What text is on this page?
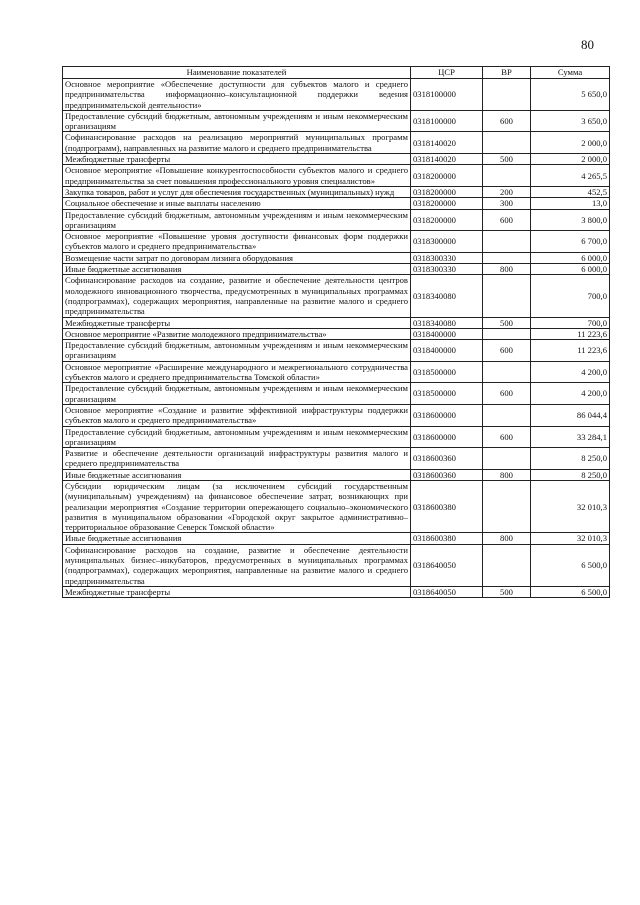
80
Наименование показателей	ЦСР	ВР	Сумма
Основное мероприятие «Обеспечение доступности для субъектов малого и среднего предпринимательства информационно–консультационной поддержки ведения предпринимательской деятельности»	0318100000		5 650,0
Предоставление субсидий бюджетным, автономным учреждениям и иным некоммерческим организациям	0318100000	600	3 650,0
Софинансирование расходов на реализацию мероприятий муниципальных программ (подпрограмм), направленных на развитие малого и среднего предпринимательства	0318140020		2 000,0
Межбюджетные трансферты	0318140020	500	2 000,0
Основное мероприятие «Повышение конкурентоспособности субъектов малого и среднего предпринимательства за счет повышения профессионального уровня специалистов»	0318200000		4 265,5
Закупка товаров, работ и услуг для обеспечения государственных (муниципальных) нужд	0318200000	200	452,5
Социальное обеспечение и иные выплаты населению	0318200000	300	13,0
Предоставление субсидий бюджетным, автономным учреждениям и иным некоммерческим организациям	0318200000	600	3 800,0
Основное мероприятие «Повышение уровня доступности финансовых форм поддержки субъектов малого и среднего предпринимательства»	0318300000		6 700,0
Возмещение части затрат по договорам лизинга оборудования	0318300330		6 000,0
Иные бюджетные ассигнования	0318300330	800	6 000,0
Софинансирование расходов на создание, развитие и обеспечение деятельности центров молодежного инновационного творчества, предусмотренных в муниципальных программах (подпрограммах), содержащих мероприятия, направленные на развитие малого и среднего предпринимательства	0318340080		700,0
Межбюджетные трансферты	0318340080	500	700,0
Основное мероприятие «Развитие молодежного предпринимательства»	0318400000		11 223,6
Предоставление субсидий бюджетным, автономным учреждениям и иным некоммерческим организациям	0318400000	600	11 223,6
Основное мероприятие «Расширение международного и межрегионального сотрудничества субъектов малого и среднего предпринимательства Томской области»	0318500000		4 200,0
Предоставление субсидий бюджетным, автономным учреждениям и иным некоммерческим организациям	0318500000	600	4 200,0
Основное мероприятие «Создание и развитие эффективной инфраструктуры поддержки субъектов малого и среднего предпринимательства»	0318600000		86 044,4
Предоставление субсидий бюджетным, автономным учреждениям и иным некоммерческим организациям	0318600000	600	33 284,1
Развитие и обеспечение деятельности организаций инфраструктуры развития малого и среднего предпринимательства	0318600360		8 250,0
Иные бюджетные ассигнования	0318600360	800	8 250,0
Субсидии юридическим лицам (за исключением субсидий государственным (муниципальным) учреждениям) на финансовое обеспечение затрат, возникающих при реализации мероприятия «Создание территории опережающего социально–экономического развития в муниципальном образовании «Городской округ закрытое административно–территориальное образование Северск Томской области»	0318600380		32 010,3
Иные бюджетные ассигнования	0318600380	800	32 010,3
Софинансирование расходов на создание, развитие и обеспечение деятельности муниципальных бизнес–инкубаторов, предусмотренных в муниципальных программах (подпрограммах), содержащих мероприятия, направленные на развитие малого и среднего предпринимательства	0318640050		6 500,0
Межбюджетные трансферты	0318640050	500	6 500,0
